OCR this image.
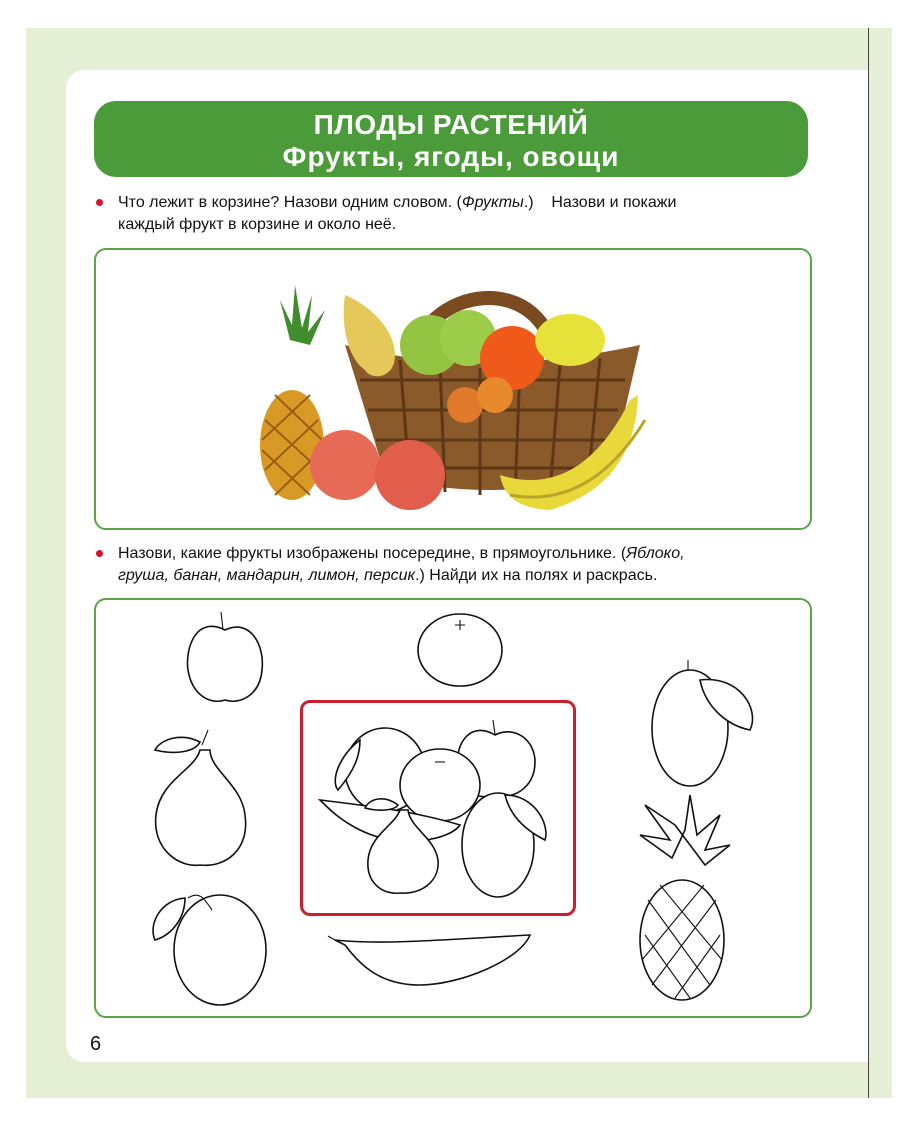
ПЛОДЫ РАСТЕНИЙ
Фрукты, ягоды, овощи
Что лежит в корзине? Назови одним словом. (Фрукты.)    Назови и покажи
каждый фрукт в корзине и около неё.
Назови, какие фрукты изображены посередине, в прямоугольнике. (Яблоко,
груша, банан, мандарин, лимон, персик.) Найди их на полях и раскрась.
6
